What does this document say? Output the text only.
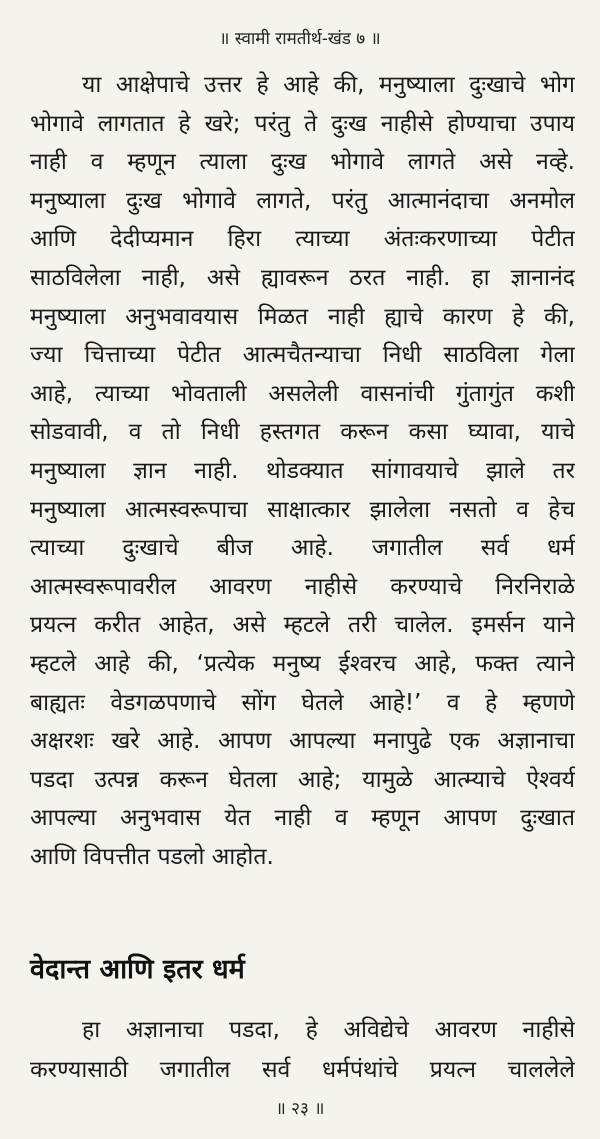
॥ स्वामी रामतीर्थ-खंड ७ ॥
या आक्षेपाचे उत्तर हे आहे की, मनुष्याला दुःखाचे भोग
भोगावे लागतात हे खरे; परंतु ते दुःख नाहीसे होण्याचा उपाय
नाही व म्हणून त्याला दुःख भोगावे लागते असे नव्हे.
मनुष्याला दुःख भोगावे लागते, परंतु आत्मानंदाचा अनमोल
आणि देदीप्यमान हिरा त्याच्या अंतःकरणाच्या पेटीत
साठविलेला नाही, असे ह्यावरून ठरत नाही. हा ज्ञानानंद
मनुष्याला अनुभवावयास मिळत नाही ह्याचे कारण हे की,
ज्या चित्ताच्या पेटीत आत्मचैतन्याचा निधी साठविला गेला
आहे, त्याच्या भोवताली असलेली वासनांची गुंतागुंत कशी
सोडवावी, व तो निधी हस्तगत करून कसा घ्यावा, याचे
मनुष्याला ज्ञान नाही. थोडक्यात सांगावयाचे झाले तर
मनुष्याला आत्मस्वरूपाचा साक्षात्कार झालेला नसतो व हेच
त्याच्या दुःखाचे बीज आहे. जगातील सर्व धर्म
आत्मस्वरूपावरील आवरण नाहीसे करण्याचे निरनिराळे
प्रयत्न करीत आहेत, असे म्हटले तरी चालेल. इमर्सन याने
म्हटले आहे की, ‘प्रत्येक मनुष्य ईश्वरच आहे, फक्त त्याने
बाह्यतः वेडगळपणाचे सोंग घेतले आहे!’ व हे म्हणणे
अक्षरशः खरे आहे. आपण आपल्या मनापुढे एक अज्ञानाचा
पडदा उत्पन्न करून घेतला आहे; यामुळे आत्म्याचे ऐश्वर्य
आपल्या अनुभवास येत नाही व म्हणून आपण दुःखात
आणि विपत्तीत पडलो आहोत.
वेदान्त आणि इतर धर्म
हा अज्ञानाचा पडदा, हे अविद्येचे आवरण नाहीसे
करण्यासाठी जगातील सर्व धर्मपंथांचे प्रयत्न चाललेले
॥ २३ ॥
